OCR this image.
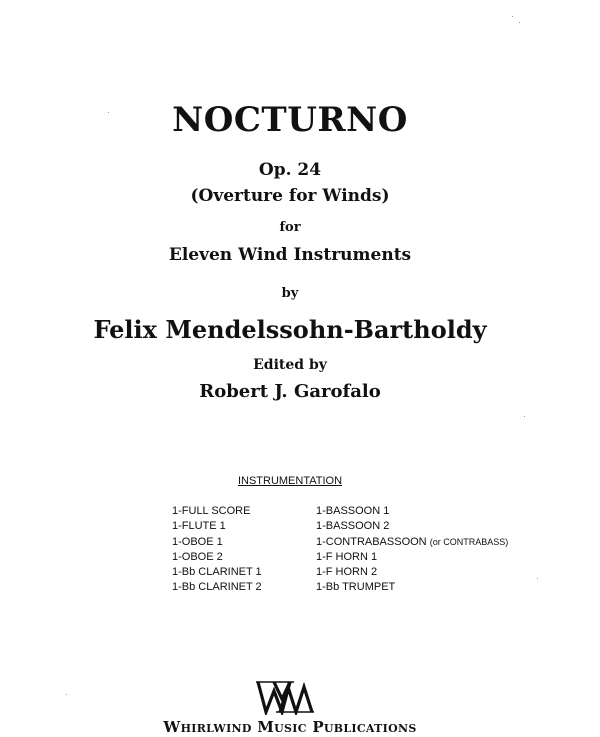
NOCTURNO
Op. 24
(Overture for Winds)
for
Eleven Wind Instruments
by
Felix Mendelssohn-Bartholdy
Edited by
Robert J. Garofalo
INSTRUMENTATION
1-FULL SCORE
1-FLUTE 1
1-OBOE 1
1-OBOE 2
1-Bb CLARINET 1
1-Bb CLARINET 2
1-BASSOON 1
1-BASSOON 2
1-CONTRABASSOON (or CONTRABASS)
1-F HORN 1
1-F HORN 2
1-Bb TRUMPET
Whirlwind Music Publications
